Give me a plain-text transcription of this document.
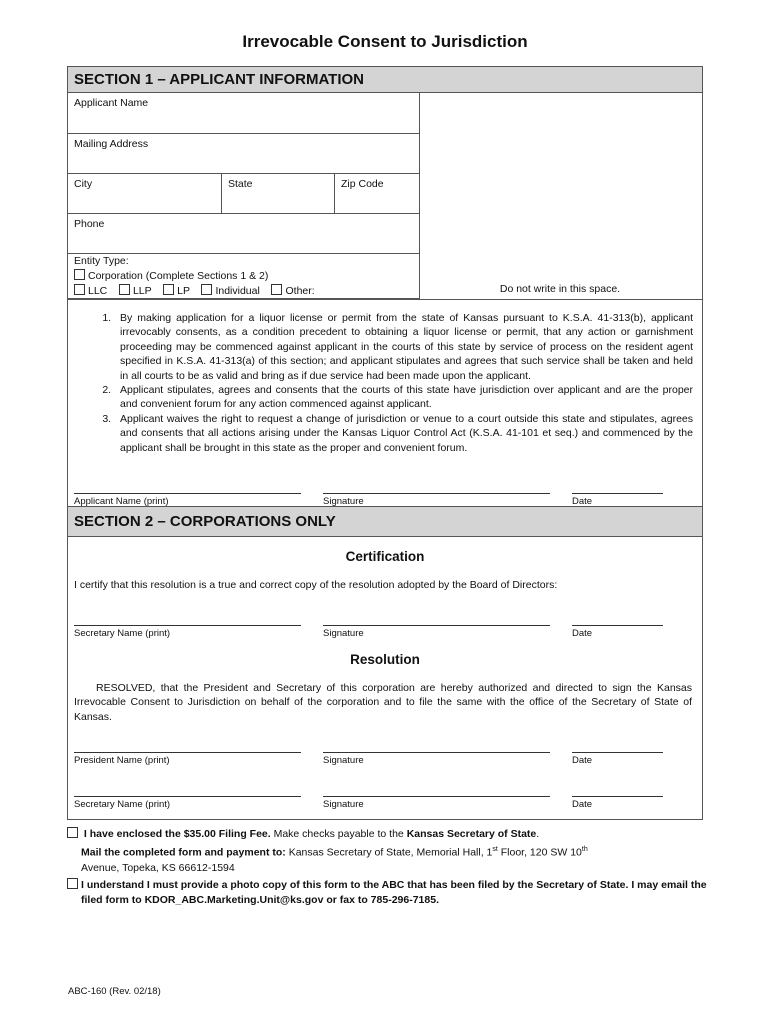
Irrevocable Consent to Jurisdiction
SECTION 1 – APPLICANT INFORMATION
Applicant Name
Mailing Address
City	State	Zip Code
Phone
Entity Type:
Corporation (Complete Sections 1 & 2)
LLC LLP LP Individual Other:	Do not write in this space.
1. By making application for a liquor license or permit from the state of Kansas pursuant to K.S.A. 41-313(b), applicant irrevocably consents, as a condition precedent to obtaining a liquor license or permit, that any action or garnishment proceeding may be commenced against applicant in the courts of this state by service of process on the resident agent specified in K.S.A. 41-313(a) of this section; and applicant stipulates and agrees that such service shall be taken and held in all courts to be as valid and bring as if due service had been made upon the applicant.
2. Applicant stipulates, agrees and consents that the courts of this state have jurisdiction over applicant and are the proper and convenient forum for any action commenced against applicant.
3. Applicant waives the right to request a change of jurisdiction or venue to a court outside this state and stipulates, agrees and consents that all actions arising under the Kansas Liquor Control Act (K.S.A. 41-101 et seq.) and commenced by the applicant shall be brought in this state as the proper and convenient forum.
Applicant Name (print)	Signature	Date
SECTION 2 – CORPORATIONS ONLY
Certification
I certify that this resolution is a true and correct copy of the resolution adopted by the Board of Directors:
Secretary Name (print)	Signature	Date
Resolution
RESOLVED, that the President and Secretary of this corporation are hereby authorized and directed to sign the Kansas Irrevocable Consent to Jurisdiction on behalf of the corporation and to file the same with the office of the Secretary of State of Kansas.
President Name (print)	Signature	Date
Secretary Name (print)	Signature	Date
I have enclosed the $35.00 Filing Fee. Make checks payable to the Kansas Secretary of State.
Mail the completed form and payment to: Kansas Secretary of State, Memorial Hall, 1st Floor, 120 SW 10th
Avenue, Topeka, KS 66612-1594
I understand I must provide a photo copy of this form to the ABC that has been filed by the Secretary of State. I may email the filed form to KDOR_ABC.Marketing.Unit@ks.gov or fax to 785-296-7185.
ABC-160 (Rev. 02/18)
